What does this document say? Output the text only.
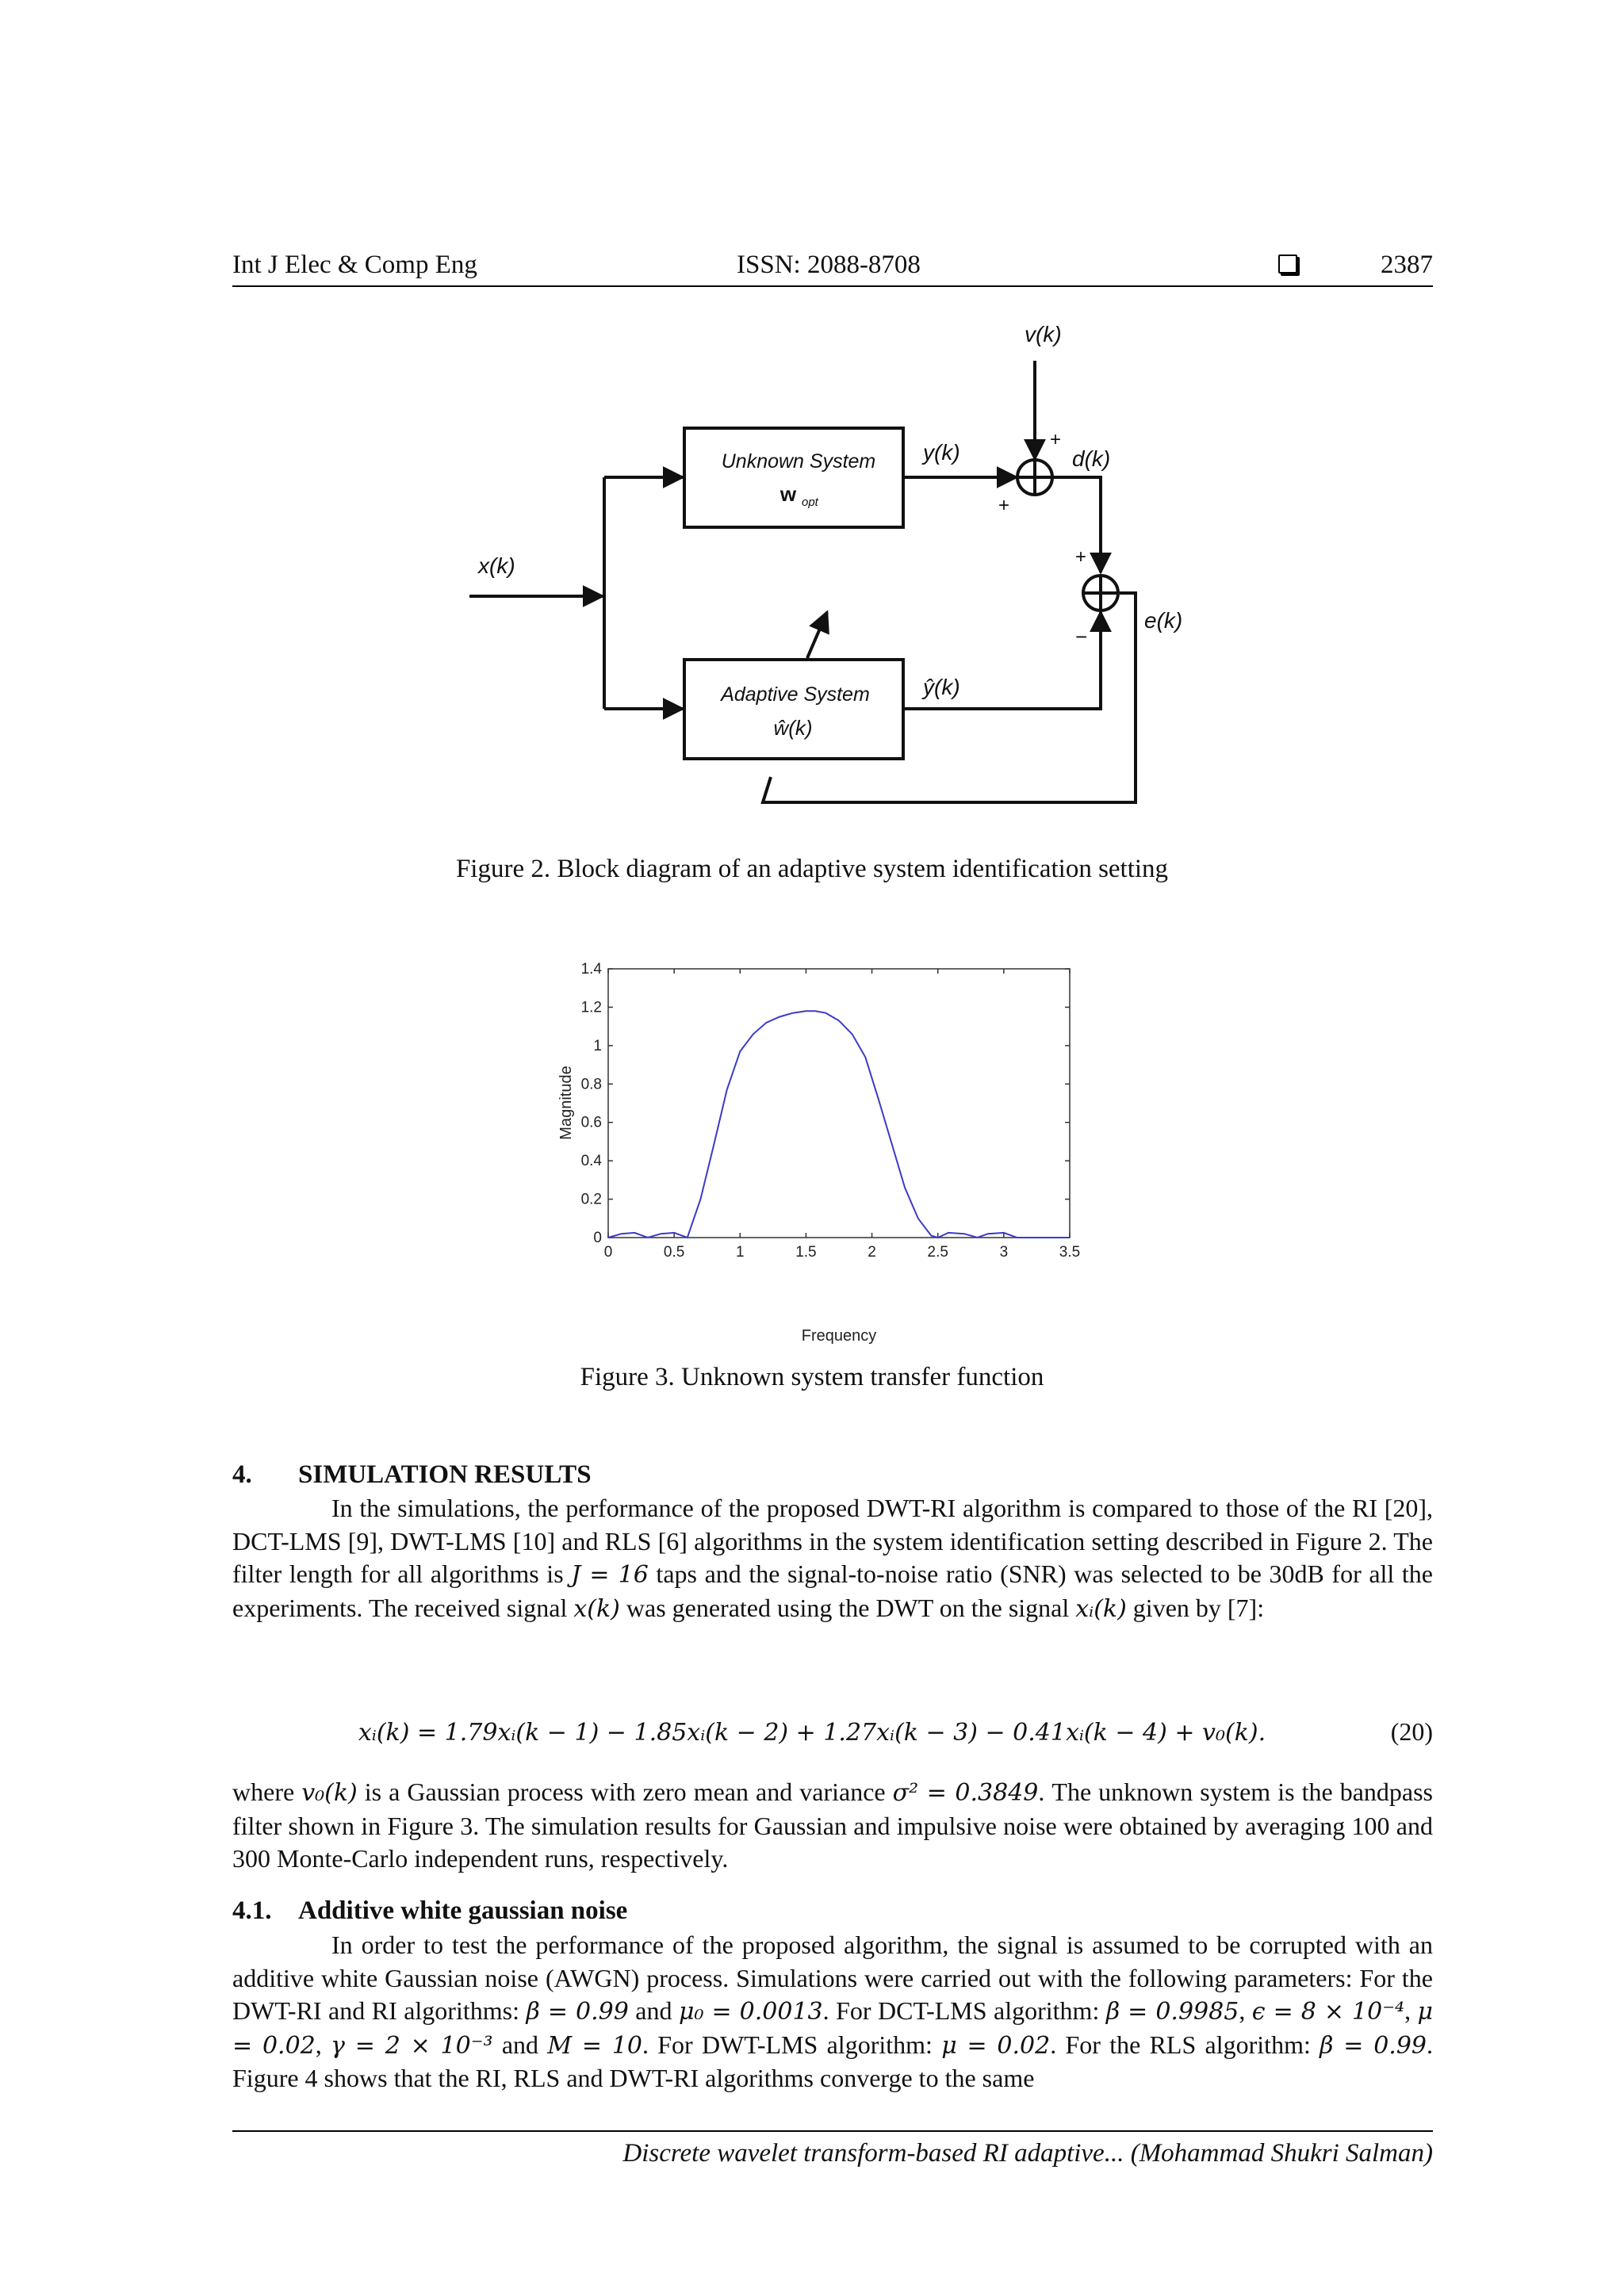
Int J Elec & Comp Eng	ISSN: 2088-8708	2387
Unknown System
w opt
Adaptive System
ŵ(k)
x(k)
v(k)
y(k)	d(k)
ŷ(k)
e(k)
+
+
+
−
Figure 2. Block diagram of an adaptive system identification setting
0	0.5	1	1.5	2	2.5	3	3.5
0
0.2
0.4
0.6
0.8
1
1.2
1.4
Frequency
Magnitude
Figure 3. Unknown system transfer function
4. SIMULATION RESULTS

In the simulations, the performance of the proposed DWT-RI algorithm is compared to those of the RI [20], DCT-LMS [9], DWT-LMS [10] and RLS [6] algorithms in the system identification setting described in Figure 2. The filter length for all algorithms is J = 16 taps and the signal-to-noise ratio (SNR) was selected to be 30dB for all the experiments. The received signal x(k) was generated using the DWT on the signal xᵢ(k) given by [7]:

xᵢ(k) = 1.79xᵢ(k − 1) − 1.85xᵢ(k − 2) + 1.27xᵢ(k − 3) − 0.41xᵢ(k − 4) + v₀(k).	(20)

where v₀(k) is a Gaussian process with zero mean and variance σ² = 0.3849. The unknown system is the bandpass filter shown in Figure 3. The simulation results for Gaussian and impulsive noise were obtained by averaging 100 and 300 Monte-Carlo independent runs, respectively.

4.1. Additive white gaussian noise

In order to test the performance of the proposed algorithm, the signal is assumed to be corrupted with an additive white Gaussian noise (AWGN) process. Simulations were carried out with the following parameters: For the DWT-RI and RI algorithms: β = 0.99 and μ₀ = 0.0013. For DCT-LMS algorithm: β = 0.9985, ϵ = 8 × 10⁻⁴, μ = 0.02, γ = 2 × 10⁻³ and M = 10. For DWT-LMS algorithm: μ = 0.02. For the RLS algorithm: β = 0.99. Figure 4 shows that the RI, RLS and DWT-RI algorithms converge to the same

Discrete wavelet transform-based RI adaptive... (Mohammad Shukri Salman)
